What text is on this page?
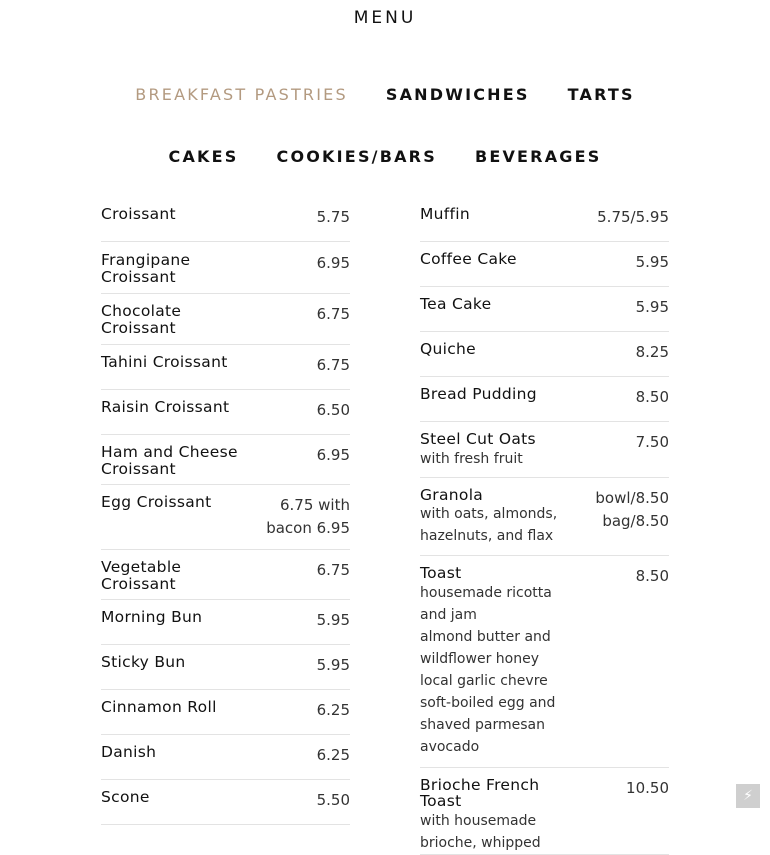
MENU
BREAKFAST PASTRIES SANDWICHES TARTS
CAKES COOKIES/BARS BEVERAGES
Croissant	5.75
Frangipane Croissant
6.95
Chocolate Croissant
6.75
Tahini Croissant	6.75
Raisin Croissant	6.50
Ham and Cheese Croissant
6.95
Egg Croissant	6.75 with bacon 6.95
Vegetable Croissant
6.75
Morning Bun	5.95
Sticky Bun	5.95
Cinnamon Roll	6.25
Danish	6.25
Scone	5.50
Muffin	5.75/5.95
Coffee Cake	5.95
Tea Cake	5.95
Quiche	8.25
Bread Pudding	8.50
Steel Cut Oats
with fresh fruit
7.50
Granola
with oats, almonds, hazelnuts, and flax
bowl/8.50 bag/8.50
Toast
housemade ricotta and jam
almond butter and wildflower honey
local garlic chevre
soft-boiled egg and shaved parmesan
avocado
8.50
Brioche French Toast
with housemade brioche, whipped
10.50	⚡
